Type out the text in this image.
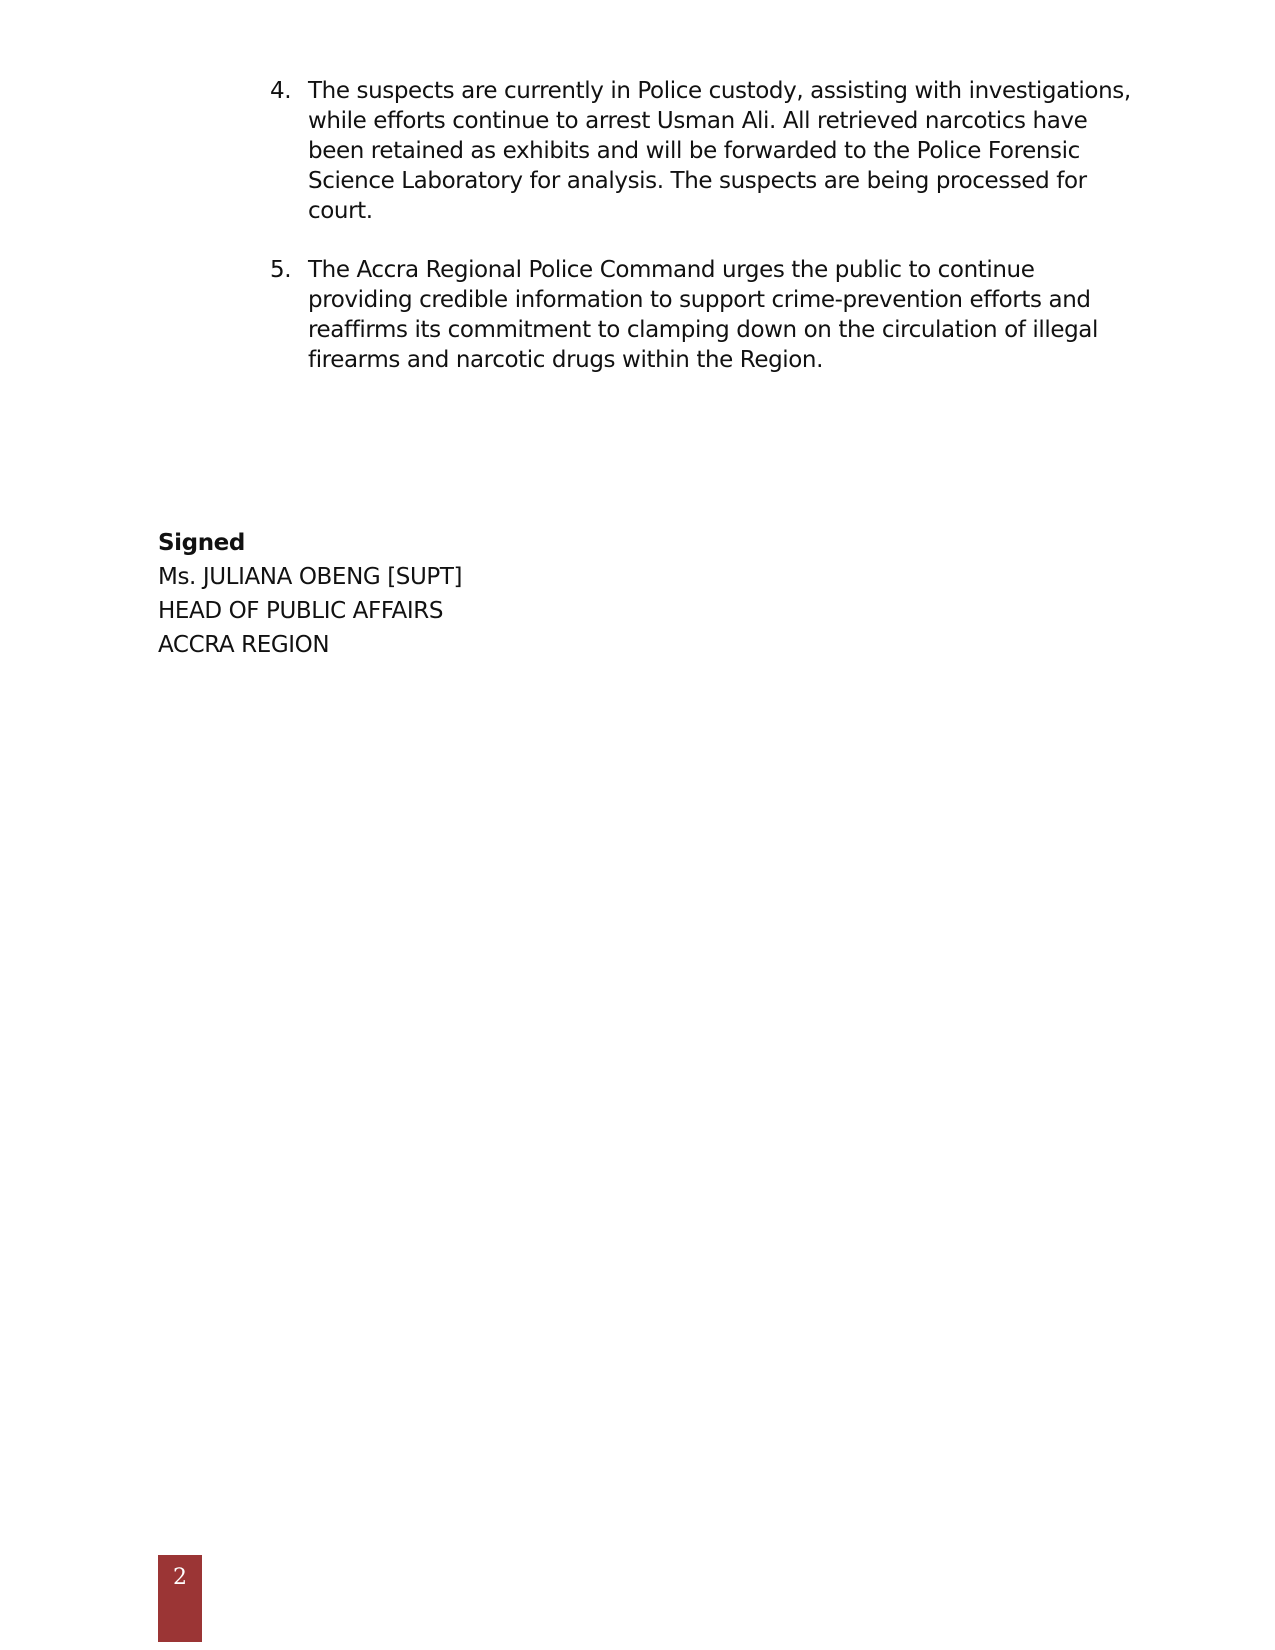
4. The suspects are currently in Police custody, assisting with investigations,
while efforts continue to arrest Usman Ali. All retrieved narcotics have
been retained as exhibits and will be forwarded to the Police Forensic
Science Laboratory for analysis. The suspects are being processed for
court.
5. The Accra Regional Police Command urges the public to continue
providing credible information to support crime-prevention efforts and
reaffirms its commitment to clamping down on the circulation of illegal
firearms and narcotic drugs within the Region.
Signed
Ms. JULIANA OBENG [SUPT]
HEAD OF PUBLIC AFFAIRS
ACCRA REGION
2
